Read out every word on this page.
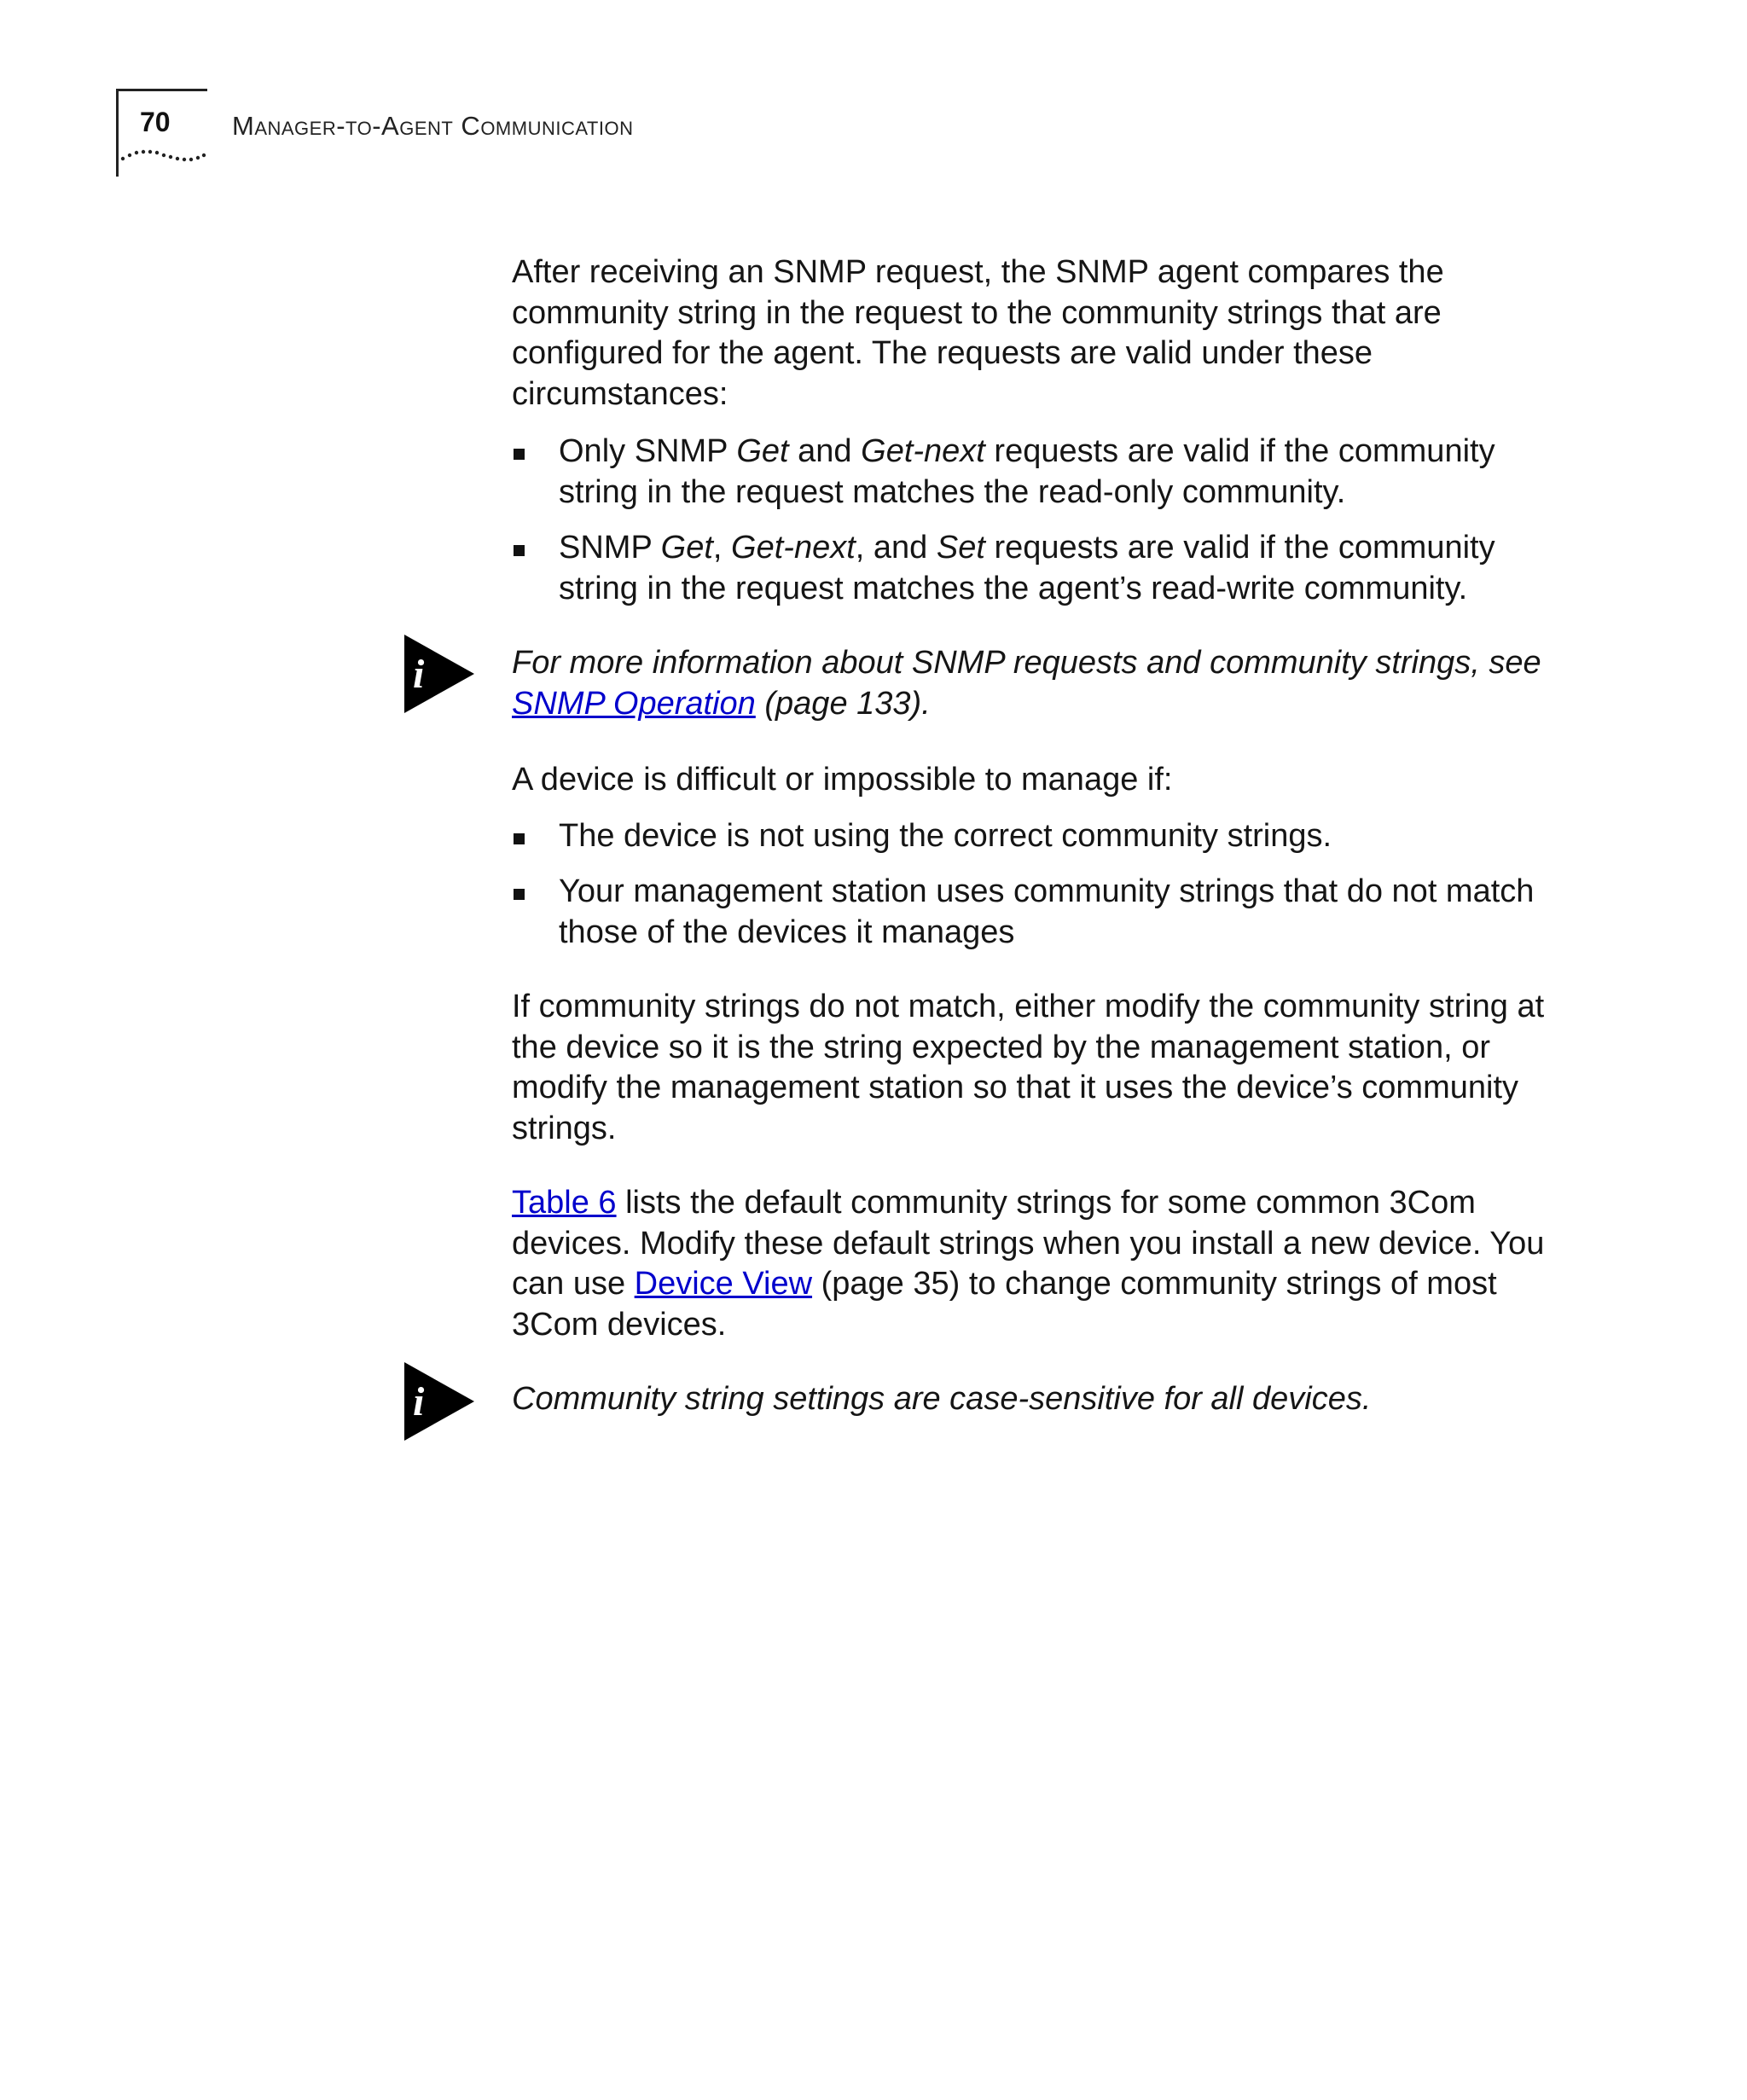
70 Manager-to-Agent Communication

After receiving an SNMP request, the SNMP agent compares the community string in the request to the community strings that are configured for the agent. The requests are valid under these circumstances:

Only SNMP Get and Get-next requests are valid if the community string in the request matches the read-only community.
SNMP Get, Get-next, and Set requests are valid if the community string in the request matches the agent’s read-write community.
i	For more information about SNMP requests and community strings, see SNMP Operation (page 133).

A device is difficult or impossible to manage if:

The device is not using the correct community strings.
Your management station uses community strings that do not match those of the devices it manages

If community strings do not match, either modify the community string at the device so it is the string expected by the management station, or modify the management station so that it uses the device’s community strings.

Table 6 lists the default community strings for some common 3Com devices. Modify these default strings when you install a new device. You can use Device View (page 35) to change community strings of most 3Com devices.

i	Community string settings are case-sensitive for all devices.
